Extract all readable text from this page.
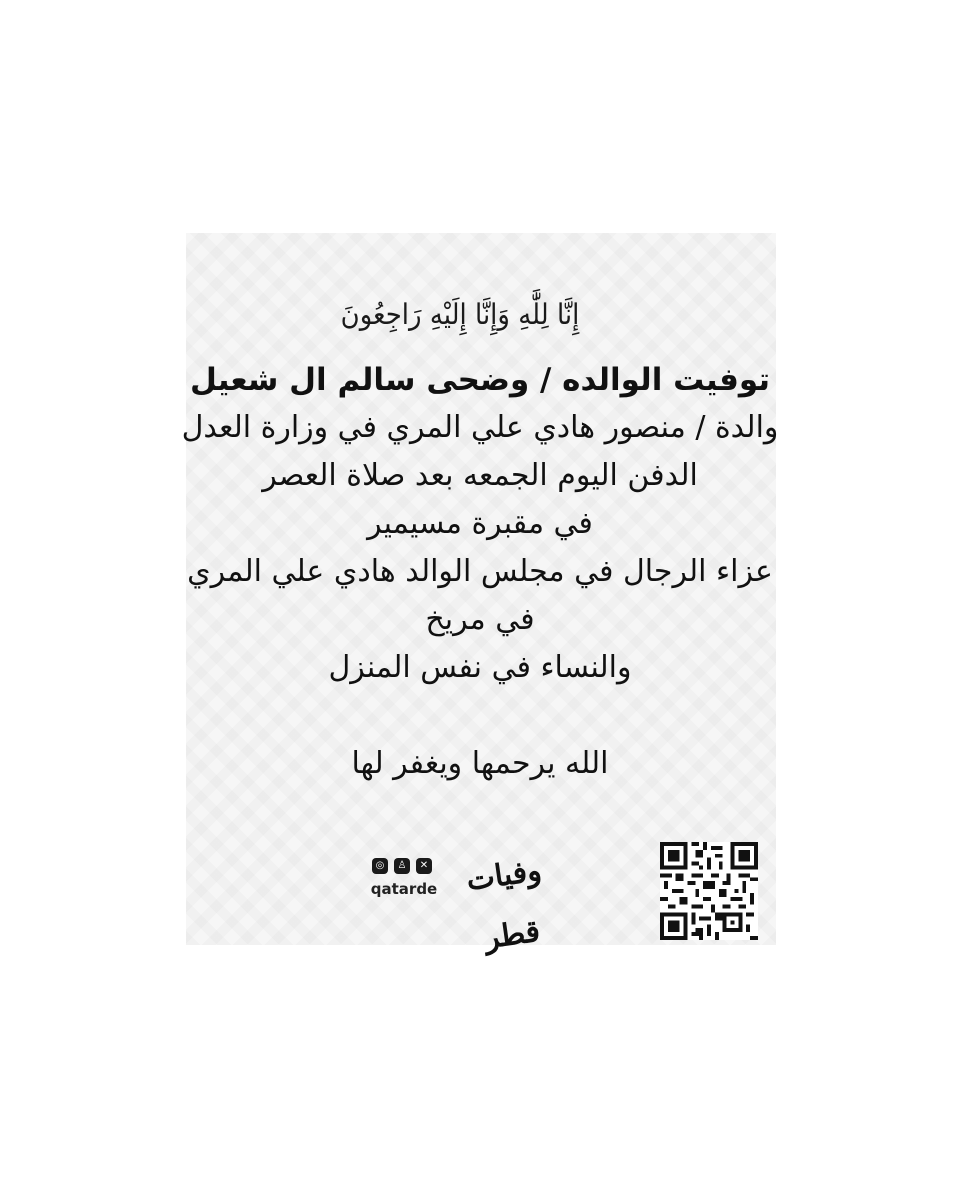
إِنَّا لِلَّٰهِ وَإِنَّا إِلَيْهِ رَاجِعُونَ
توفيت الوالده / وضحى سالم ال شعيل
والدة / منصور هادي علي المري في وزارة العدل
الدفن اليوم الجمعه بعد صلاة العصر
في مقبرة مسيمير
عزاء الرجال في مجلس الوالد هادي علي المري
في مريخ
والنساء في نفس المنزل
الله يرحمها ويغفر لها
◎	♙	✕
qatarde وفيات قطر
